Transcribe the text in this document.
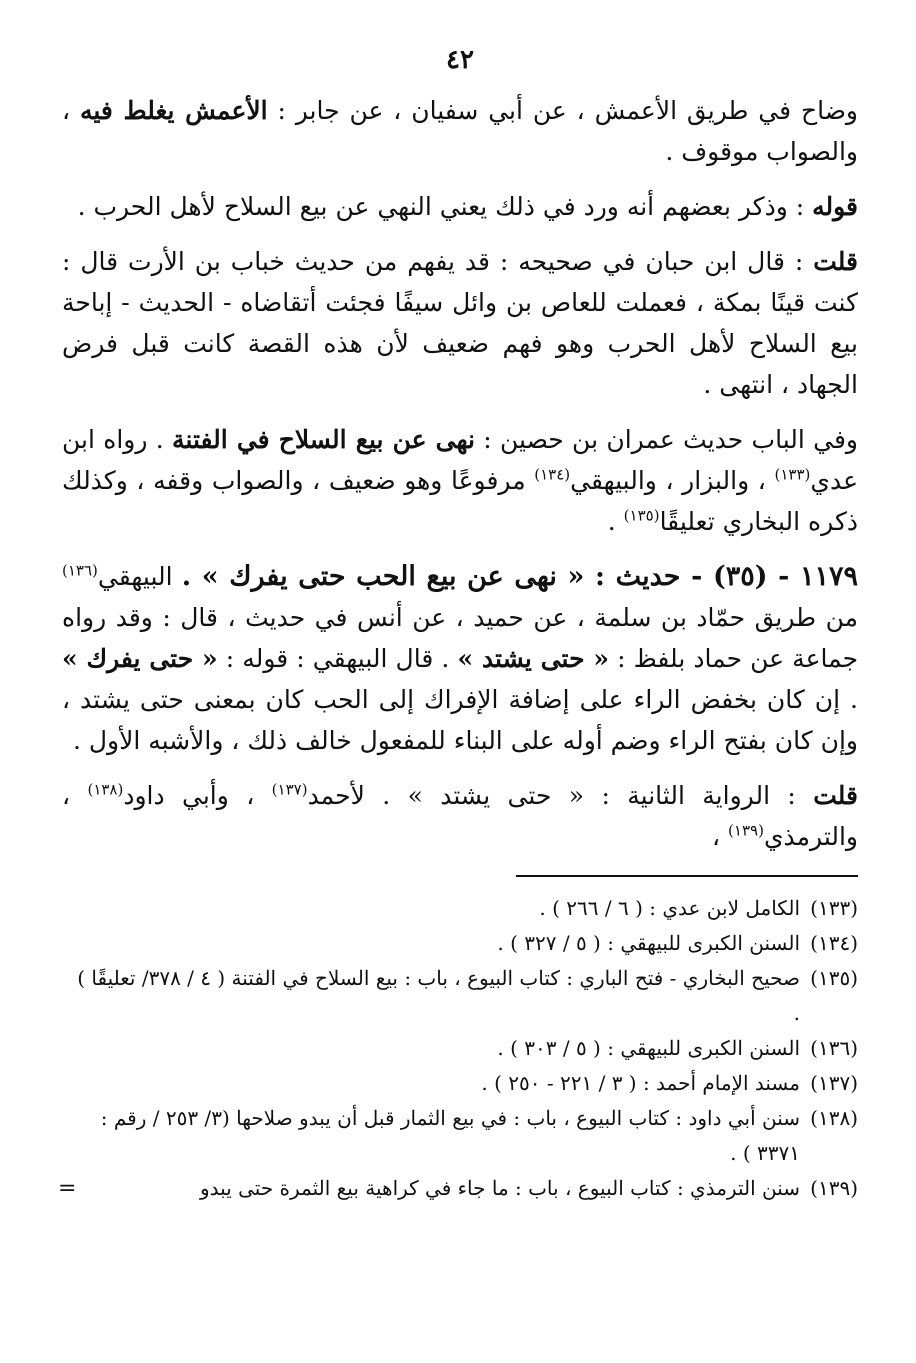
٤٢

وضاح في طريق الأعمش ، عن أبي سفيان ، عن جابر : الأعمش يغلط فيه ، والصواب موقوف .

قوله : وذكر بعضهم أنه ورد في ذلك يعني النهي عن بيع السلاح لأهل الحرب .

قلت : قال ابن حبان في صحيحه : قد يفهم من حديث خباب بن الأرت قال : كنت قينًا بمكة ، فعملت للعاص بن وائل سيفًا فجئت أتقاضاه - الحديث - إباحة بيع السلاح لأهل الحرب وهو فهم ضعيف لأن هذه القصة كانت قبل فرض الجهاد ، انتهى .

وفي الباب حديث عمران بن حصين : نهى عن بيع السلاح في الفتنة . رواه ابن عدي$^{(١٣٣)}$ ، والبزار ، والبيهقي$^{(١٣٤)}$ مرفوعًا وهو ضعيف ، والصواب وقفه ، وكذلك ذكره البخاري تعليقًا$^{(١٣٥)}$ .

١١٧٩ - (٣٥) - حديث : « نهى عن بيع الحب حتى يفرك » . البيهقي$^{(١٣٦)}$ من طريق حمّاد بن سلمة ، عن حميد ، عن أنس في حديث ، قال : وقد رواه جماعة عن حماد بلفظ : « حتى يشتد » . قال البيهقي : قوله : « حتى يفرك » . إن كان بخفض الراء على إضافة الإفراك إلى الحب كان بمعنى حتى يشتد ، وإن كان بفتح الراء وضم أوله على البناء للمفعول خالف ذلك ، والأشبه الأول .

قلت : الرواية الثانية : « حتى يشتد » . لأحمد$^{(١٣٧)}$ ، وأبي داود$^{(١٣٨)}$ ، والترمذي$^{(١٣٩)}$ ،

(١٣٣)
الكامل لابن عدي : ( ٦ / ٢٦٦ ) .
(١٣٤)
السنن الكبرى للبيهقي : ( ٥ / ٣٢٧ ) .
(١٣٥)
صحيح البخاري - فتح الباري : كتاب البيوع ، باب : بيع السلاح في الفتنة ( ٤ / ٣٧٨/ تعليقًا ) .
(١٣٦)
السنن الكبرى للبيهقي : ( ٥ / ٣٠٣ ) .
(١٣٧)
مسند الإمام أحمد : ( ٣ / ٢٢١ - ٢٥٠ ) .
(١٣٨)
سنن أبي داود : كتاب البيوع ، باب : في بيع الثمار قبل أن يبدو صلاحها (٣/ ٢٥٣ / رقم : ٣٣٧١ ) .
(١٣٩)
سنن الترمذي : كتاب البيوع ، باب : ما جاء في كراهية بيع الثمرة حتى يبدو
=
